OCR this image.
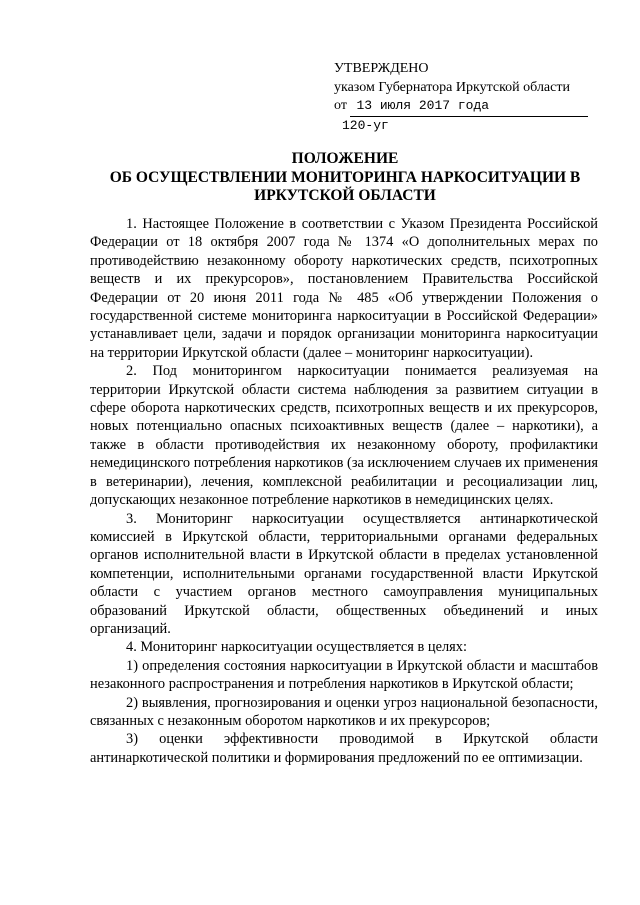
УТВЕРЖДЕНО
указом Губернатора Иркутской области
от 13 июля 2017 года
120-уг
ПОЛОЖЕНИЕ
ОБ ОСУЩЕСТВЛЕНИИ МОНИТОРИНГА НАРКОСИТУАЦИИ В
ИРКУТСКОЙ ОБЛАСТИ

1. Настоящее Положение в соответствии с Указом Президента Российской Федерации от 18 октября 2007 года № 1374 «О дополнительных мерах по противодействию незаконному обороту наркотических средств, психотропных веществ и их прекурсоров», постановлением Правительства Российской Федерации от 20 июня 2011 года № 485 «Об утверждении Положения о государственной системе мониторинга наркоситуации в Российской Федерации» устанавливает цели, задачи и порядок организации мониторинга наркоситуации на территории Иркутской области (далее – мониторинг наркоситуации).

2. Под мониторингом наркоситуации понимается реализуемая на территории Иркутской области система наблюдения за развитием ситуации в сфере оборота наркотических средств, психотропных веществ и их прекурсоров, новых потенциально опасных психоактивных веществ (далее – наркотики), а также в области противодействия их незаконному обороту, профилактики немедицинского потребления наркотиков (за исключением случаев их применения в ветеринарии), лечения, комплексной реабилитации и ресоциализации лиц, допускающих незаконное потребление наркотиков в немедицинских целях.

3. Мониторинг наркоситуации осуществляется антинаркотической комиссией в Иркутской области, территориальными органами федеральных органов исполнительной власти в Иркутской области в пределах установленной компетенции, исполнительными органами государственной власти Иркутской области с участием органов местного самоуправления муниципальных образований Иркутской области, общественных объединений и иных организаций.

4. Мониторинг наркоситуации осуществляется в целях:

1) определения состояния наркоситуации в Иркутской области и масштабов незаконного распространения и потребления наркотиков в Иркутской области;

2) выявления, прогнозирования и оценки угроз национальной безопасности, связанных с незаконным оборотом наркотиков и их прекурсоров;

3) оценки эффективности проводимой в Иркутской области антинаркотической политики и формирования предложений по ее оптимизации.
